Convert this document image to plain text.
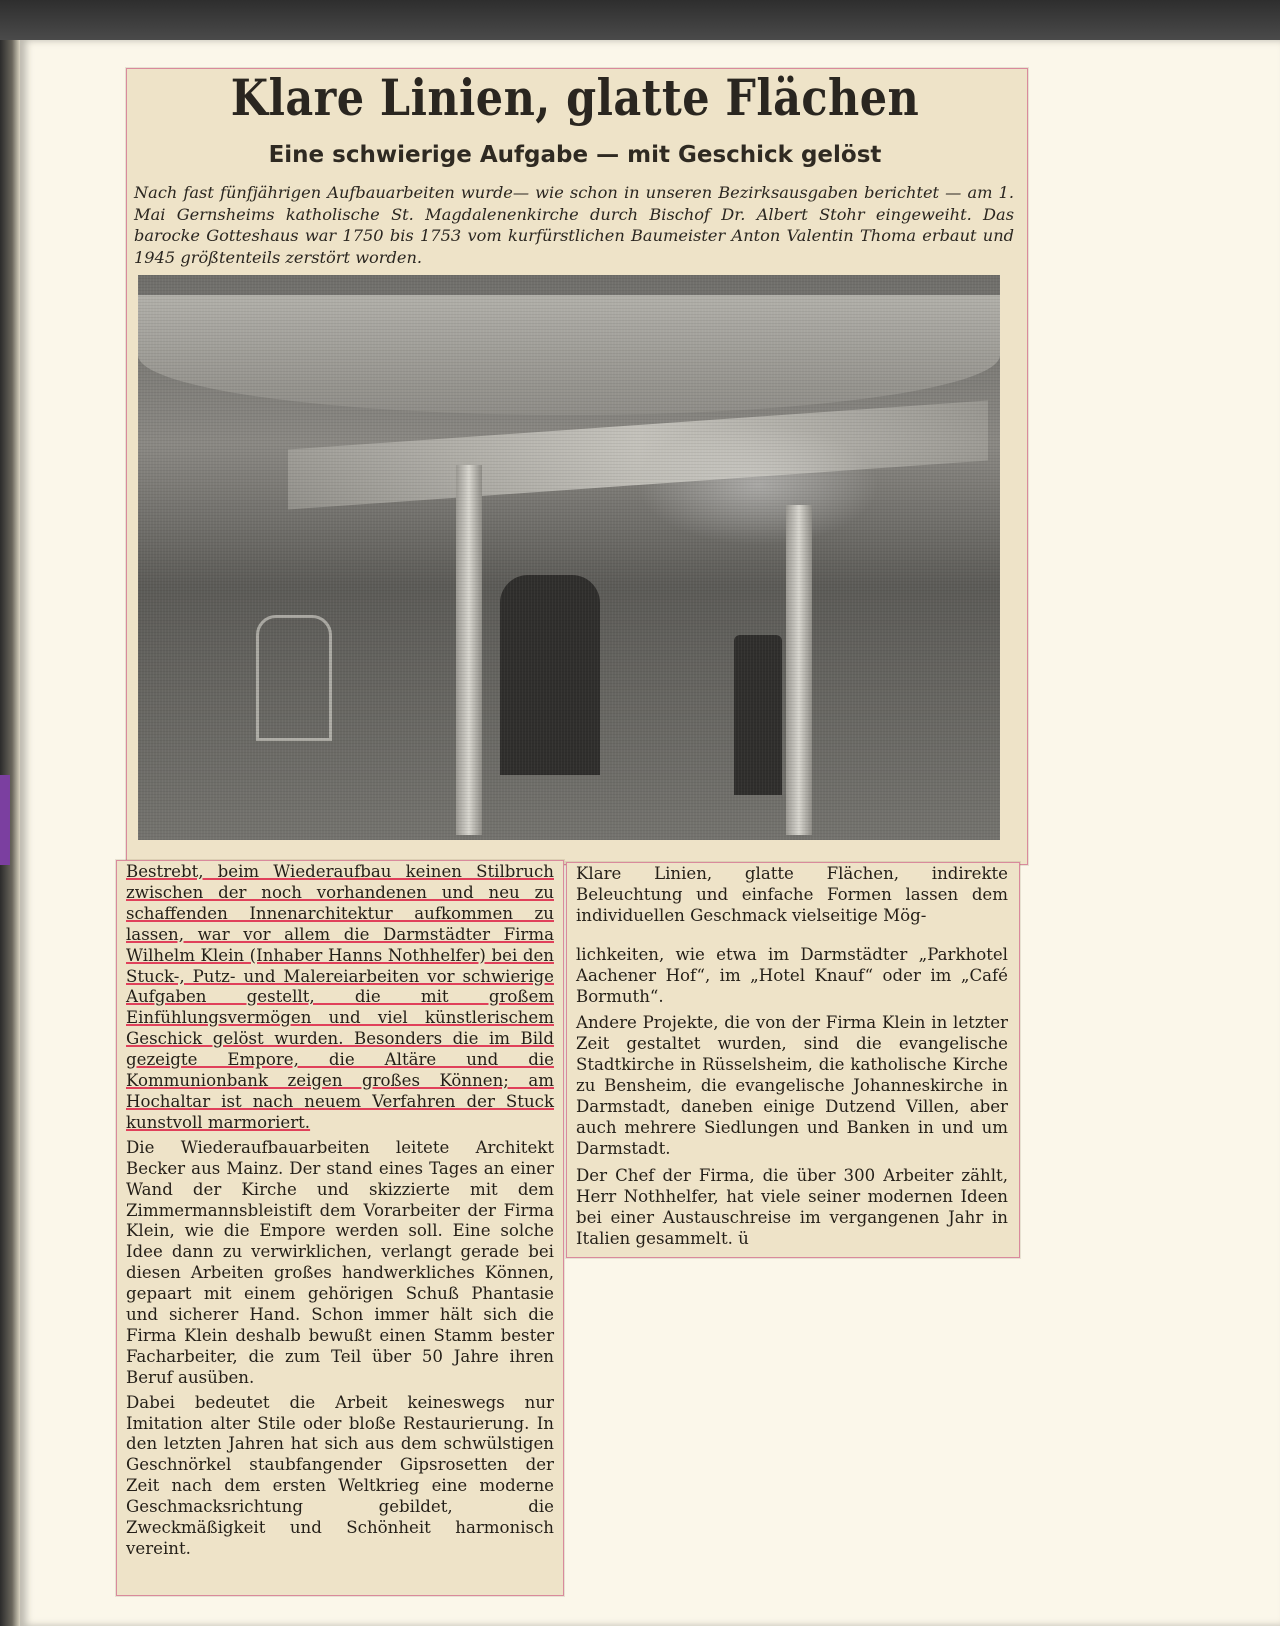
Klare Linien, glatte Flächen
Eine schwierige Aufgabe — mit Geschick gelöst

Nach fast fünfjährigen Aufbauarbeiten wurde— wie schon in unseren Bezirksausgaben berichtet — am 1. Mai Gernsheims katholische St. Magdalenenkirche durch Bischof Dr. Albert Stohr eingeweiht. Das barocke Gotteshaus war 1750 bis 1753 vom kurfürstlichen Baumeister Anton Valentin Thoma erbaut und 1945 größtenteils zerstört worden.

Bestrebt, beim Wiederaufbau keinen Stilbruch zwischen der noch vorhandenen und neu zu schaffenden Innenarchitektur aufkommen zu lassen, war vor allem die Darmstädter Firma Wilhelm Klein (Inhaber Hanns Nothhelfer) bei den Stuck-, Putz- und Malereiarbeiten vor schwierige Aufgaben gestellt, die mit großem Einfühlungsvermögen und viel künstlerischem Geschick gelöst wurden. Besonders die im Bild gezeigte Empore, die Altäre und die Kommunionbank zeigen großes Können; am Hochaltar ist nach neuem Verfahren der Stuck kunstvoll marmoriert.

Die Wiederaufbauarbeiten leitete Architekt Becker aus Mainz. Der stand eines Tages an einer Wand der Kirche und skizzierte mit dem Zimmermannsbleistift dem Vorarbeiter der Firma Klein, wie die Empore werden soll. Eine solche Idee dann zu verwirklichen, verlangt gerade bei diesen Arbeiten großes handwerkliches Können, gepaart mit einem gehörigen Schuß Phantasie und sicherer Hand. Schon immer hält sich die Firma Klein deshalb bewußt einen Stamm bester Facharbeiter, die zum Teil über 50 Jahre ihren Beruf ausüben.

Dabei bedeutet die Arbeit keineswegs nur Imitation alter Stile oder bloße Restaurierung. In den letzten Jahren hat sich aus dem schwülstigen Geschnörkel staubfangender Gipsrosetten der Zeit nach dem ersten Weltkrieg eine moderne Geschmacksrichtung gebildet, die Zweckmäßigkeit und Schönheit harmonisch vereint.

Klare Linien, glatte Flächen, indirekte Beleuchtung und einfache Formen lassen dem individuellen Geschmack vielseitige Mög-

lichkeiten, wie etwa im Darmstädter „Parkhotel Aachener Hof“, im „Hotel Knauf“ oder im „Café Bormuth“.

Andere Projekte, die von der Firma Klein in letzter Zeit gestaltet wurden, sind die evangelische Stadtkirche in Rüsselsheim, die katholische Kirche zu Bensheim, die evangelische Johanneskirche in Darmstadt, daneben einige Dutzend Villen, aber auch mehrere Siedlungen und Banken in und um Darmstadt.

Der Chef der Firma, die über 300 Arbeiter zählt, Herr Nothhelfer, hat viele seiner modernen Ideen bei einer Austauschreise im vergangenen Jahr in Italien gesammelt. ü
